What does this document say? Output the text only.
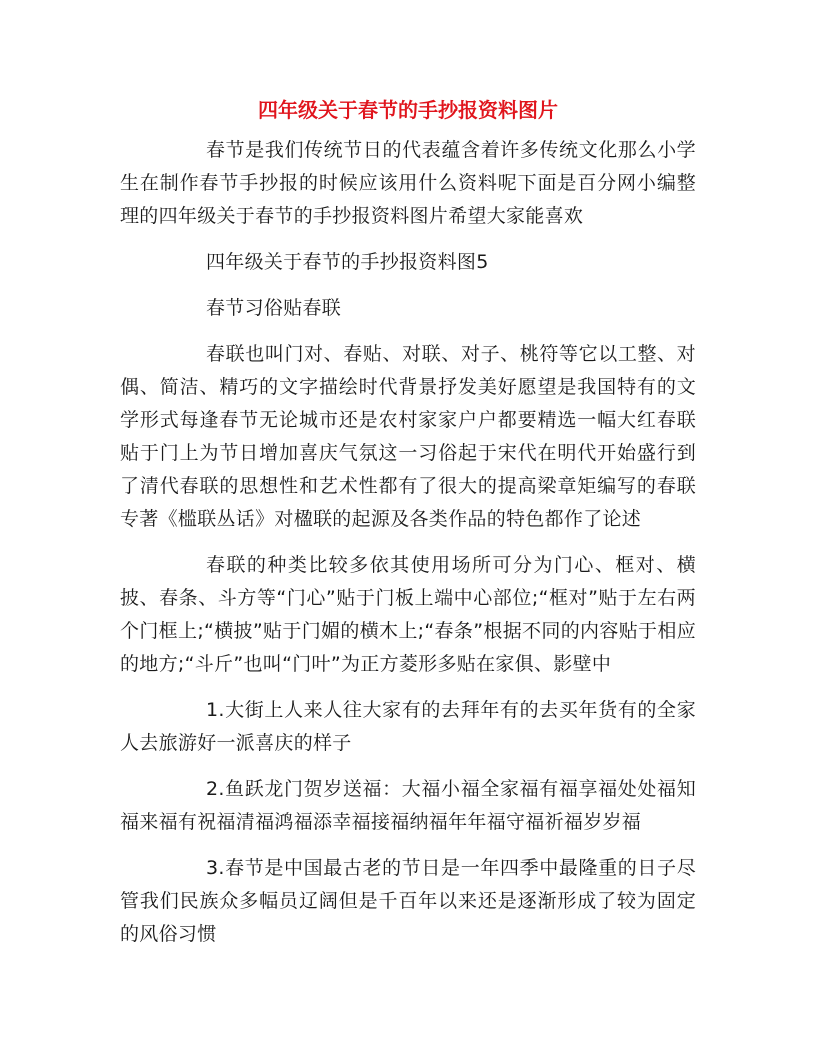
四年级关于春节的手抄报资料图片

春节是我们传统节日的代表蕴含着许多传统文化那么小学生在制作春节手抄报的时候应该用什么资料呢下面是百分网小编整理的四年级关于春节的手抄报资料图片希望大家能喜欢

四年级关于春节的手抄报资料图5

春节习俗贴春联

春联也叫门对、春贴、对联、对子、桃符等它以工整、对偶、简洁、精巧的文字描绘时代背景抒发美好愿望是我国特有的文学形式每逢春节无论城市还是农村家家户户都要精选一幅大红春联贴于门上为节日增加喜庆气氛这一习俗起于宋代在明代开始盛行到了清代春联的思想性和艺术性都有了很大的提高梁章矩编写的春联专著《槛联丛话》对楹联的起源及各类作品的特色都作了论述

春联的种类比较多依其使用场所可分为门心、框对、横披、春条、斗方等“门心”贴于门板上端中心部位;“框对”贴于左右两个门框上;“横披”贴于门媚的横木上;“春条”根据不同的内容贴于相应的地方;“斗斤”也叫“门叶”为正方菱形多贴在家俱、影壁中

1.大街上人来人往大家有的去拜年有的去买年货有的全家人去旅游好一派喜庆的样子

2.鱼跃龙门贺岁送福：大福小福全家福有福享福处处福知福来福有祝福清福鸿福添幸福接福纳福年年福守福祈福岁岁福

3.春节是中国最古老的节日是一年四季中最隆重的日子尽管我们民族众多幅员辽阔但是千百年以来还是逐渐形成了较为固定的风俗习惯
